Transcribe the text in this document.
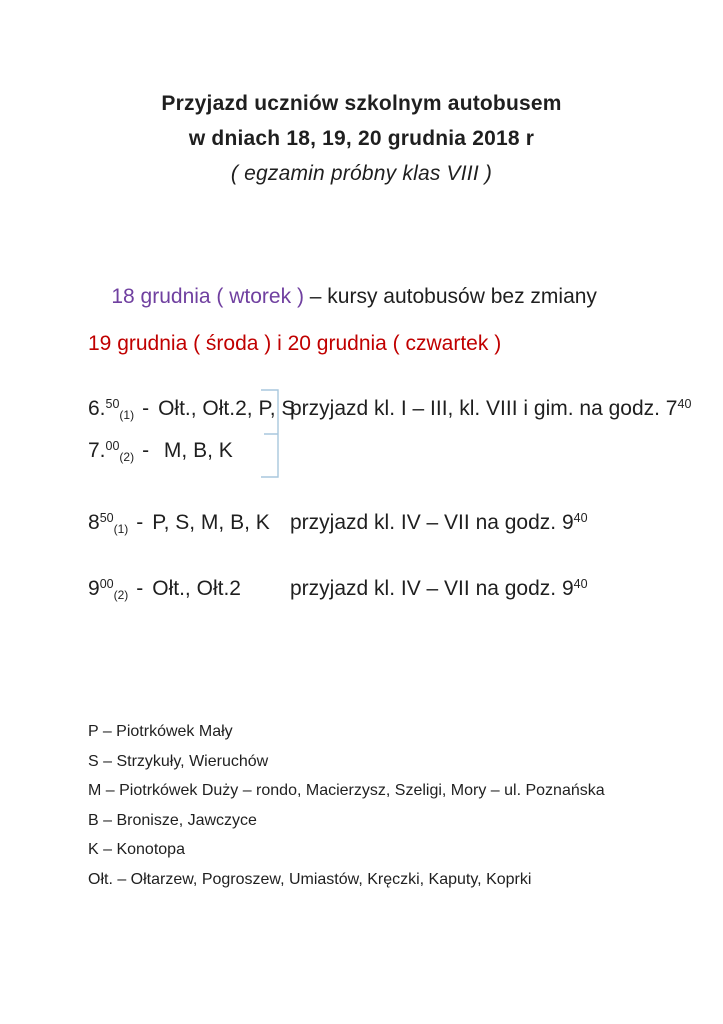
Przyjazd uczniów szkolnym autobusem
w dniach 18, 19, 20 grudnia 2018 r
( egzamin próbny klas VIII )

18 grudnia ( wtorek ) – kursy autobusów bez zmiany

19 grudnia ( środa ) i 20 grudnia ( czwartek )
6.50(1) - Ołt., Ołt.2, P, S
przyjazd kl. I – III, kl. VIII i gim. na godz. $7^{40}$
7.00(2) - M, B, K
$8^{50}(1)$ - P, S, M, B, K przyjazd kl. IV – VII na godz. $9^{40}$
$9^{00}(2)$ - Ołt., Ołt.2	przyjazd kl. IV – VII na godz. $9^{40}$
P – Piotrkówek Mały
S – Strzykuły, Wieruchów
M – Piotrkówek Duży – rondo, Macierzysz, Szeligi, Mory – ul. Poznańska
B – Bronisze, Jawczyce
K – Konotopa
Ołt. – Ołtarzew, Pogroszew, Umiastów, Kręczki, Kaputy, Koprki
